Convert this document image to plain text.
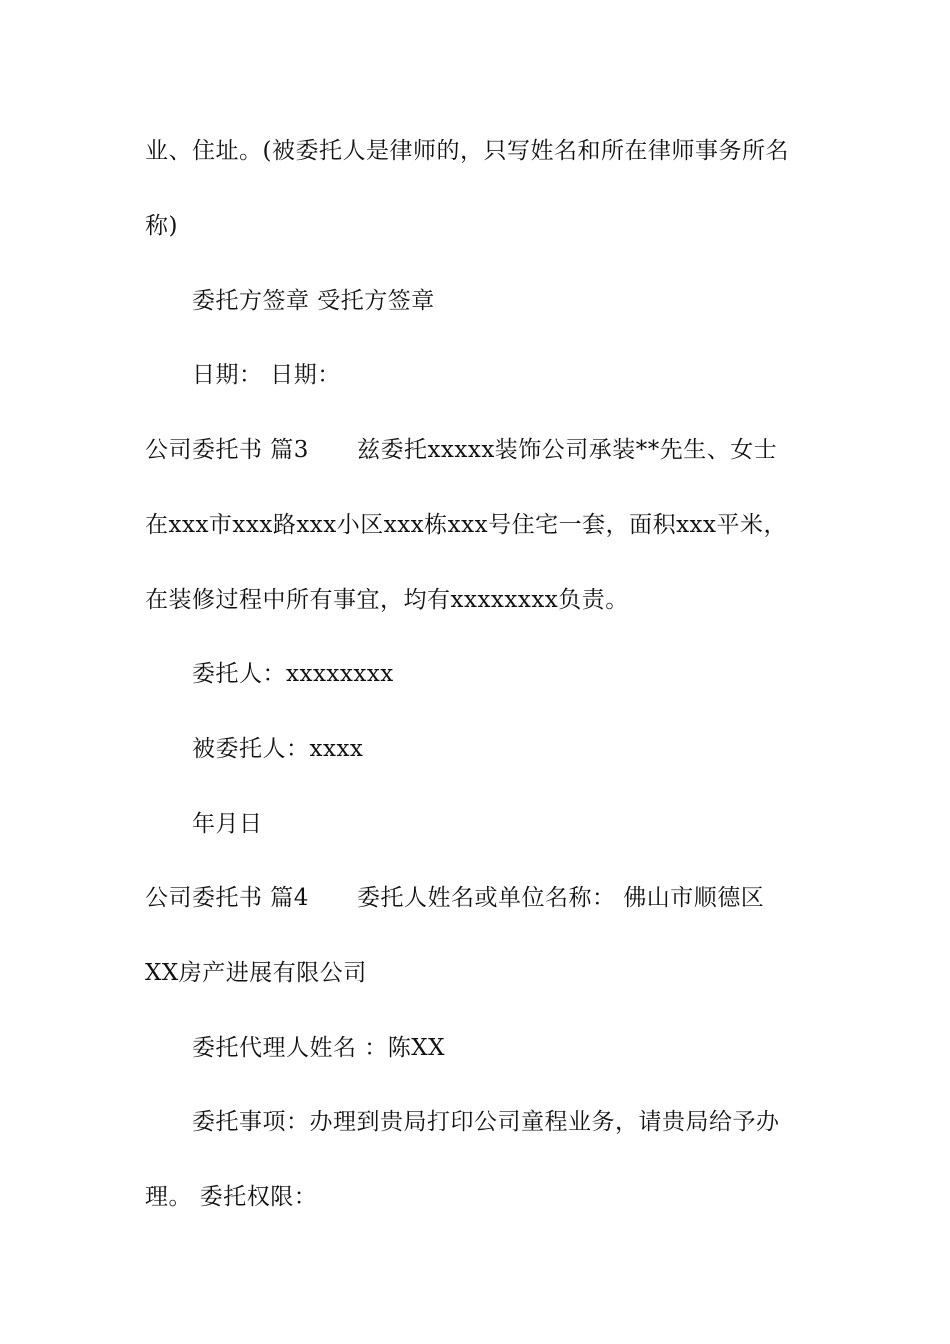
业、住址。(被委托人是律师的，只写姓名和所在律师事务所名
称)
委托方签章 受托方签章
日期： 日期：
公司委托书 篇3 兹委托xxxxx装饰公司承装**先生、女士
在xxx市xxx路xxx小区xxx栋xxx号住宅一套，面积xxx平米，
在装修过程中所有事宜，均有xxxxxxxx负责。
委托人：xxxxxxxx
被委托人：xxxx
年月日
公司委托书 篇4 委托人姓名或单位名称： 佛山市顺德区
XX房产进展有限公司
委托代理人姓名 ：陈XX
委托事项：办理到贵局打印公司童程业务，请贵局给予办
理。 委托权限：
